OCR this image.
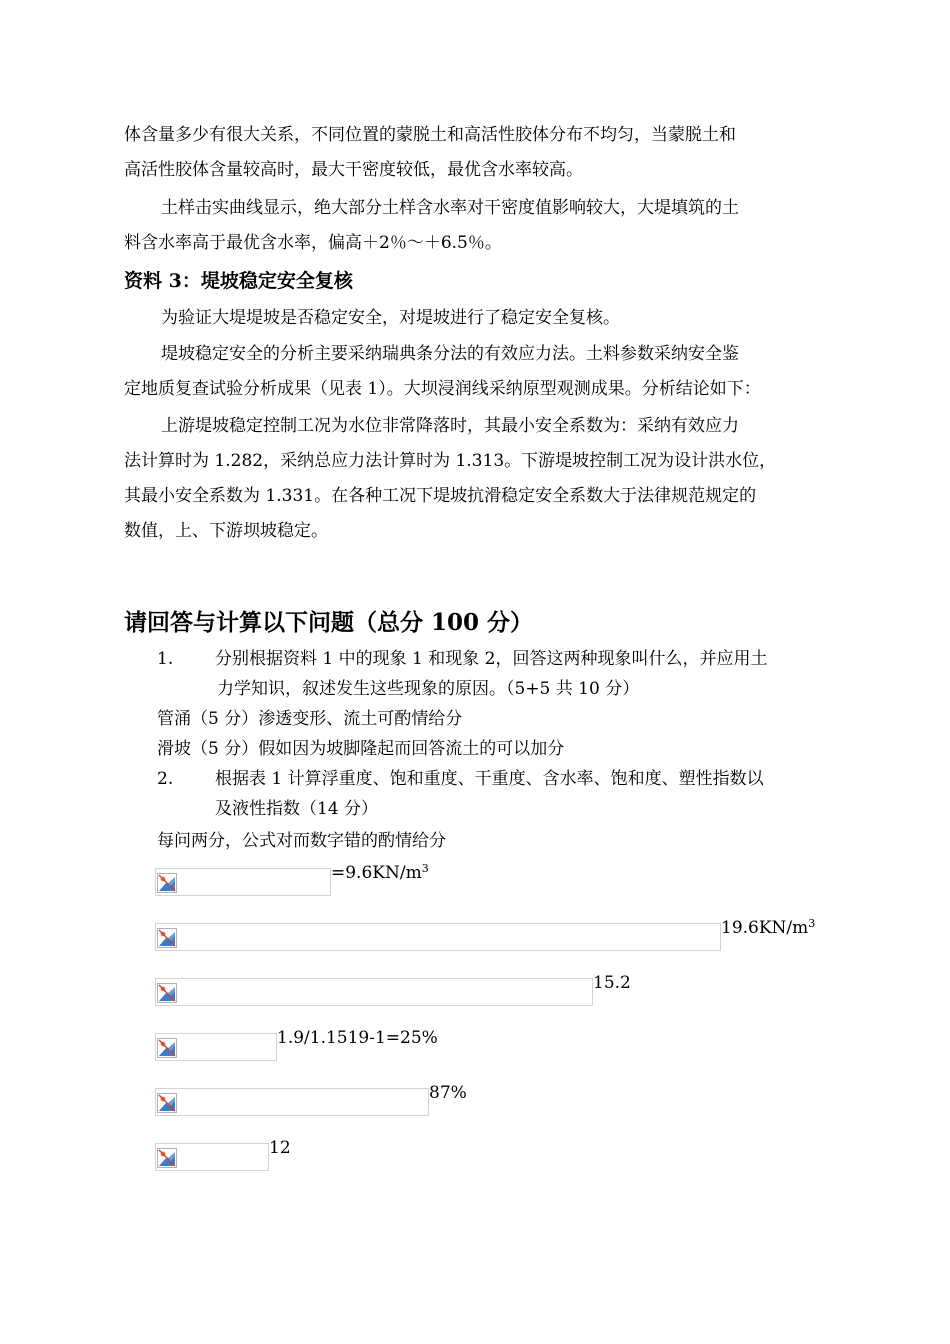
体含量多少有很大关系，不同位置的蒙脱土和高活性胶体分布不均匀，当蒙脱土和
高活性胶体含量较高时，最大干密度较低，最优含水率较高。

土样击实曲线显示，绝大部分土样含水率对干密度值影响较大，大堤填筑的土
料含水率高于最优含水率，偏高＋2％～＋6.5％。

资料 3：堤坡稳定安全复核

为验证大堤堤坡是否稳定安全，对堤坡进行了稳定安全复核。

堤坡稳定安全的分析主要采纳瑞典条分法的有效应力法。土料参数采纳安全鉴
定地质复查试验分析成果（见表 1）。大坝浸润线采纳原型观测成果。分析结论如下：

上游堤坡稳定控制工况为水位非常降落时，其最小安全系数为：采纳有效应力
法计算时为 1.282，采纳总应力法计算时为 1.313。下游堤坡控制工况为设计洪水位，
其最小安全系数为 1.331。在各种工况下堤坡抗滑稳定安全系数大于法律规范规定的
数值，上、下游坝坡稳定。

请回答与计算以下问题（总分 100 分）
1. 分别根据资料 1 中的现象 1 和现象 2，回答这两种现象叫什么，并应用土
力学知识，叙述发生这些现象的原因。（5+5 共 10 分）
管涌（5 分）渗透变形、流土可酌情给分
滑坡（5 分）假如因为坡脚隆起而回答流土的可以加分
2. 根据表 1 计算浮重度、饱和重度、干重度、含水率、饱和度、塑性指数以
及液性指数（14 分）
每问两分，公式对而数字错的酌情给分
$=9.6KN/m^3$
$19.6KN/m^3$
15.2
1.9/1.1519-1=25%
87%
12
